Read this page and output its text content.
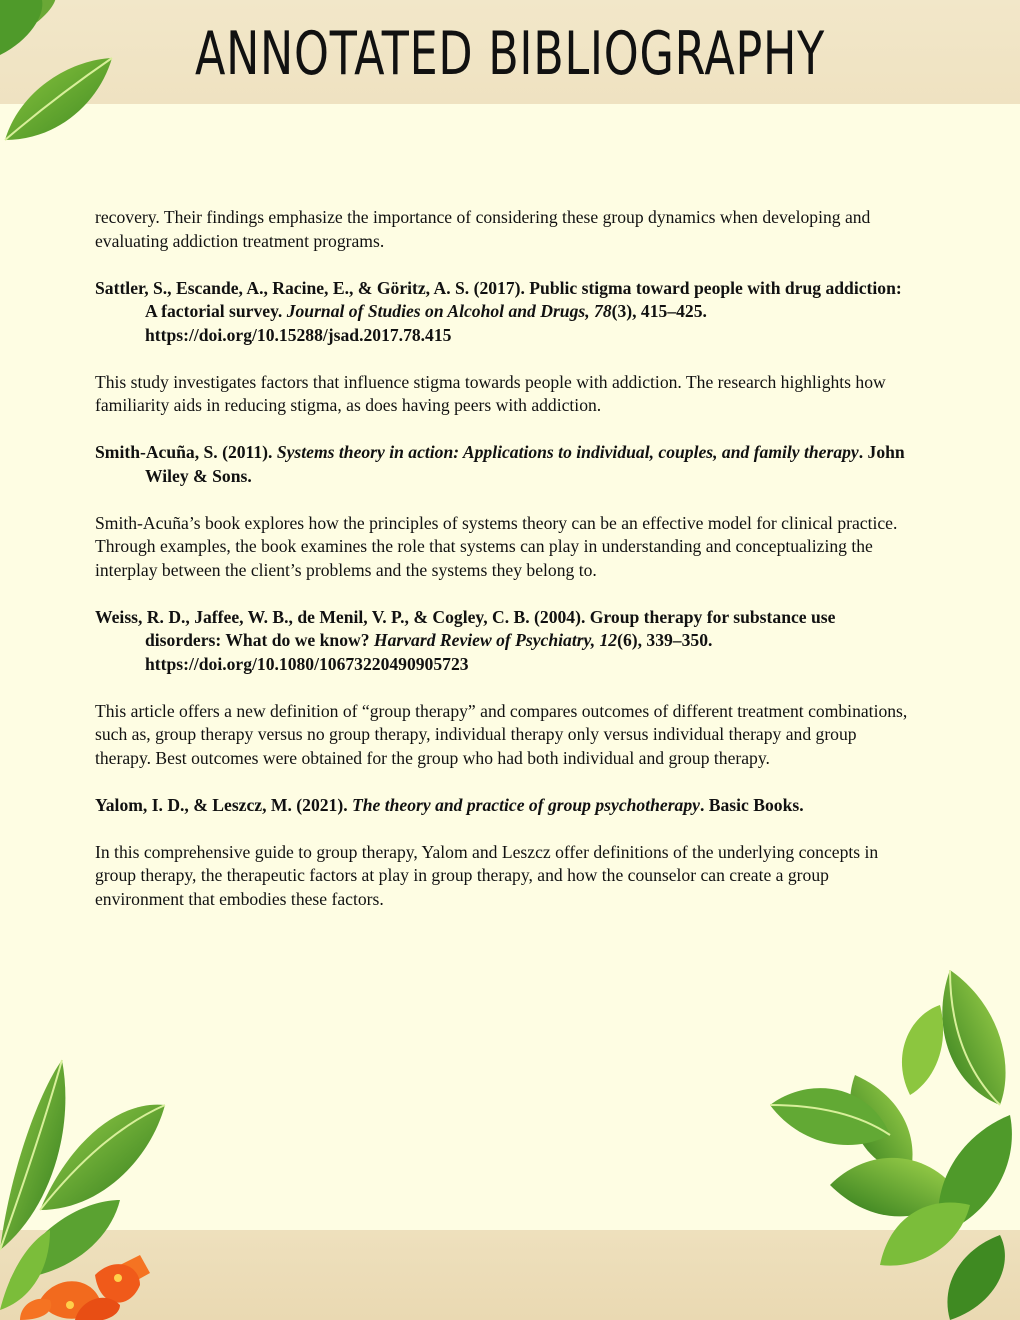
ANNOTATED BIBLIOGRAPHY

recovery. Their findings emphasize the importance of considering these group dynamics when developing and evaluating addiction treatment programs.

Sattler, S., Escande, A., Racine, E., & Göritz, A. S. (2017). Public stigma toward people with drug addiction: A factorial survey. Journal of Studies on Alcohol and Drugs, 78(3), 415–425. https://doi.org/10.15288/jsad.2017.78.415

This study investigates factors that influence stigma towards people with addiction. The research highlights how familiarity aids in reducing stigma, as does having peers with addiction.

Smith-Acuña, S. (2011). Systems theory in action: Applications to individual, couples, and family therapy. John Wiley & Sons.

Smith-Acuña’s book explores how the principles of systems theory can be an effective model for clinical practice. Through examples, the book examines the role that systems can play in understanding and conceptualizing the interplay between the client’s problems and the systems they belong to.

Weiss, R. D., Jaffee, W. B., de Menil, V. P., & Cogley, C. B. (2004). Group therapy for substance use disorders: What do we know? Harvard Review of Psychiatry, 12(6), 339–350. https://doi.org/10.1080/10673220490905723

This article offers a new definition of “group therapy” and compares outcomes of different treatment combinations, such as, group therapy versus no group therapy, individual therapy only versus individual therapy and group therapy. Best outcomes were obtained for the group who had both individual and group therapy.

Yalom, I. D., & Leszcz, M. (2021). The theory and practice of group psychotherapy. Basic Books.

In this comprehensive guide to group therapy, Yalom and Leszcz offer definitions of the underlying concepts in group therapy, the therapeutic factors at play in group therapy, and how the counselor can create a group environment that embodies these factors.
